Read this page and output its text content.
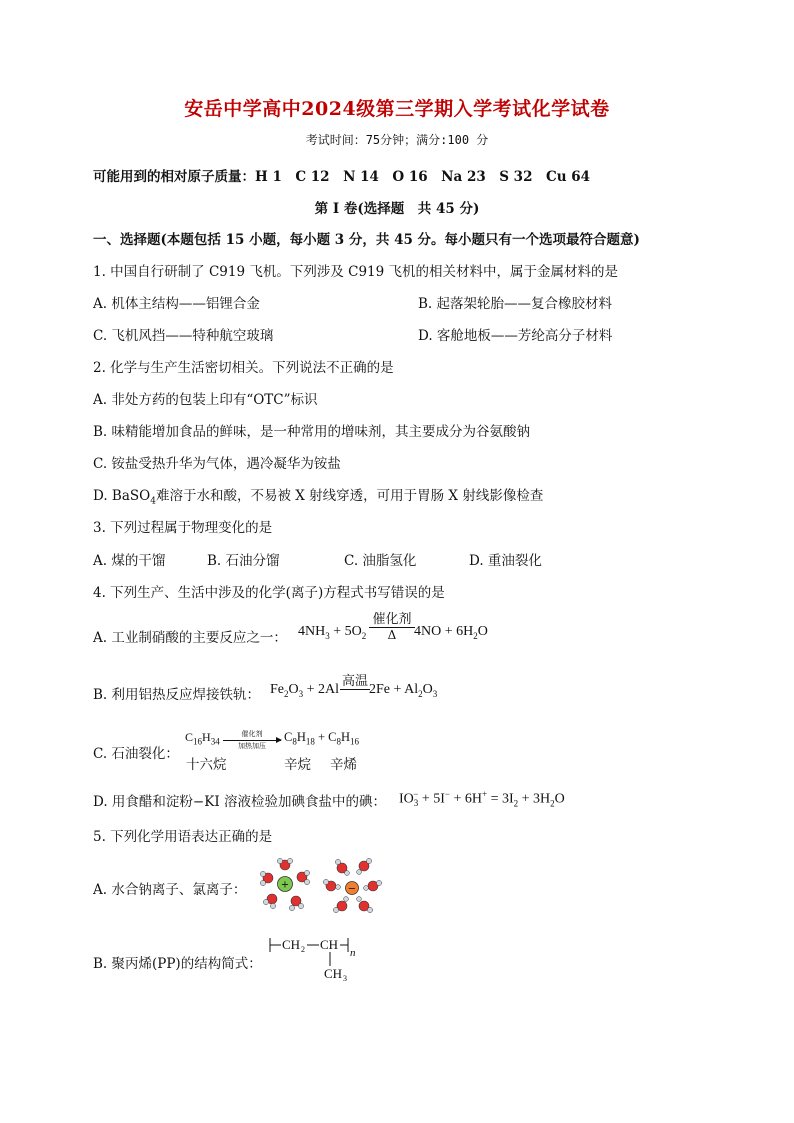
安岳中学高中2024级第三学期入学考试化学试卷
考试时间：75分钟；满分:100 分
可能用到的相对原子质量：H 1　C 12　N 14　O 16　Na 23　S 32　Cu 64
第 I 卷(选择题　共 45 分)
一、选择题(本题包括 15 小题，每小题 3 分，共 45 分。每小题只有一个选项最符合题意)
1. 中国自行研制了 C919 飞机。下列涉及 C919 飞机的相关材料中，属于金属材料的是
A. 机体主结构——铝锂合金	B. 起落架轮胎——复合橡胶材料
C. 飞机风挡——特种航空玻璃	D. 客舱地板——芳纶高分子材料
2. 化学与生产生活密切相关。下列说法不正确的是
A. 非处方药的包装上印有“OTC”标识
B. 味精能增加食品的鲜味，是一种常用的增味剂，其主要成分为谷氨酸钠
C. 铵盐受热升华为气体，遇冷凝华为铵盐
D. BaSO$_4$难溶于水和酸，不易被 X 射线穿透，可用于胃肠 X 射线影像检查
3. 下列过程属于物理变化的是
A. 煤的干馏	B. 石油分馏	C. 油脂氢化	D. 重油裂化
4. 下列生产、生活中涉及的化学(离子)方程式书写错误的是
A. 工业制硝酸的主要反应之一： $4NH_3 + 5O_2$
催化剂
Δ	$4NO + 6H_2O$
B. 利用铝热反应焊接铁轨： $Fe_2O_3 + 2Al$
高温
$2Fe + Al_2O_3$
C. 石油裂化：
$C_{16}H_{34}$
催化剂
加热加压
$C_8H_{18} + C_8H_{16}$
十六烷	辛烷 辛烯
D. 用食醋和淀粉−KI 溶液检验加碘食盐中的碘： $IO_3^- + 5I^- + 6H^+ = 3I_2 + 3H_2O$
5. 下列化学用语表达正确的是
A. 水合钠离子、氯离子：	+	−
B. 聚丙烯(PP)的结构简式：
CH 2 CH
n
CH 3
